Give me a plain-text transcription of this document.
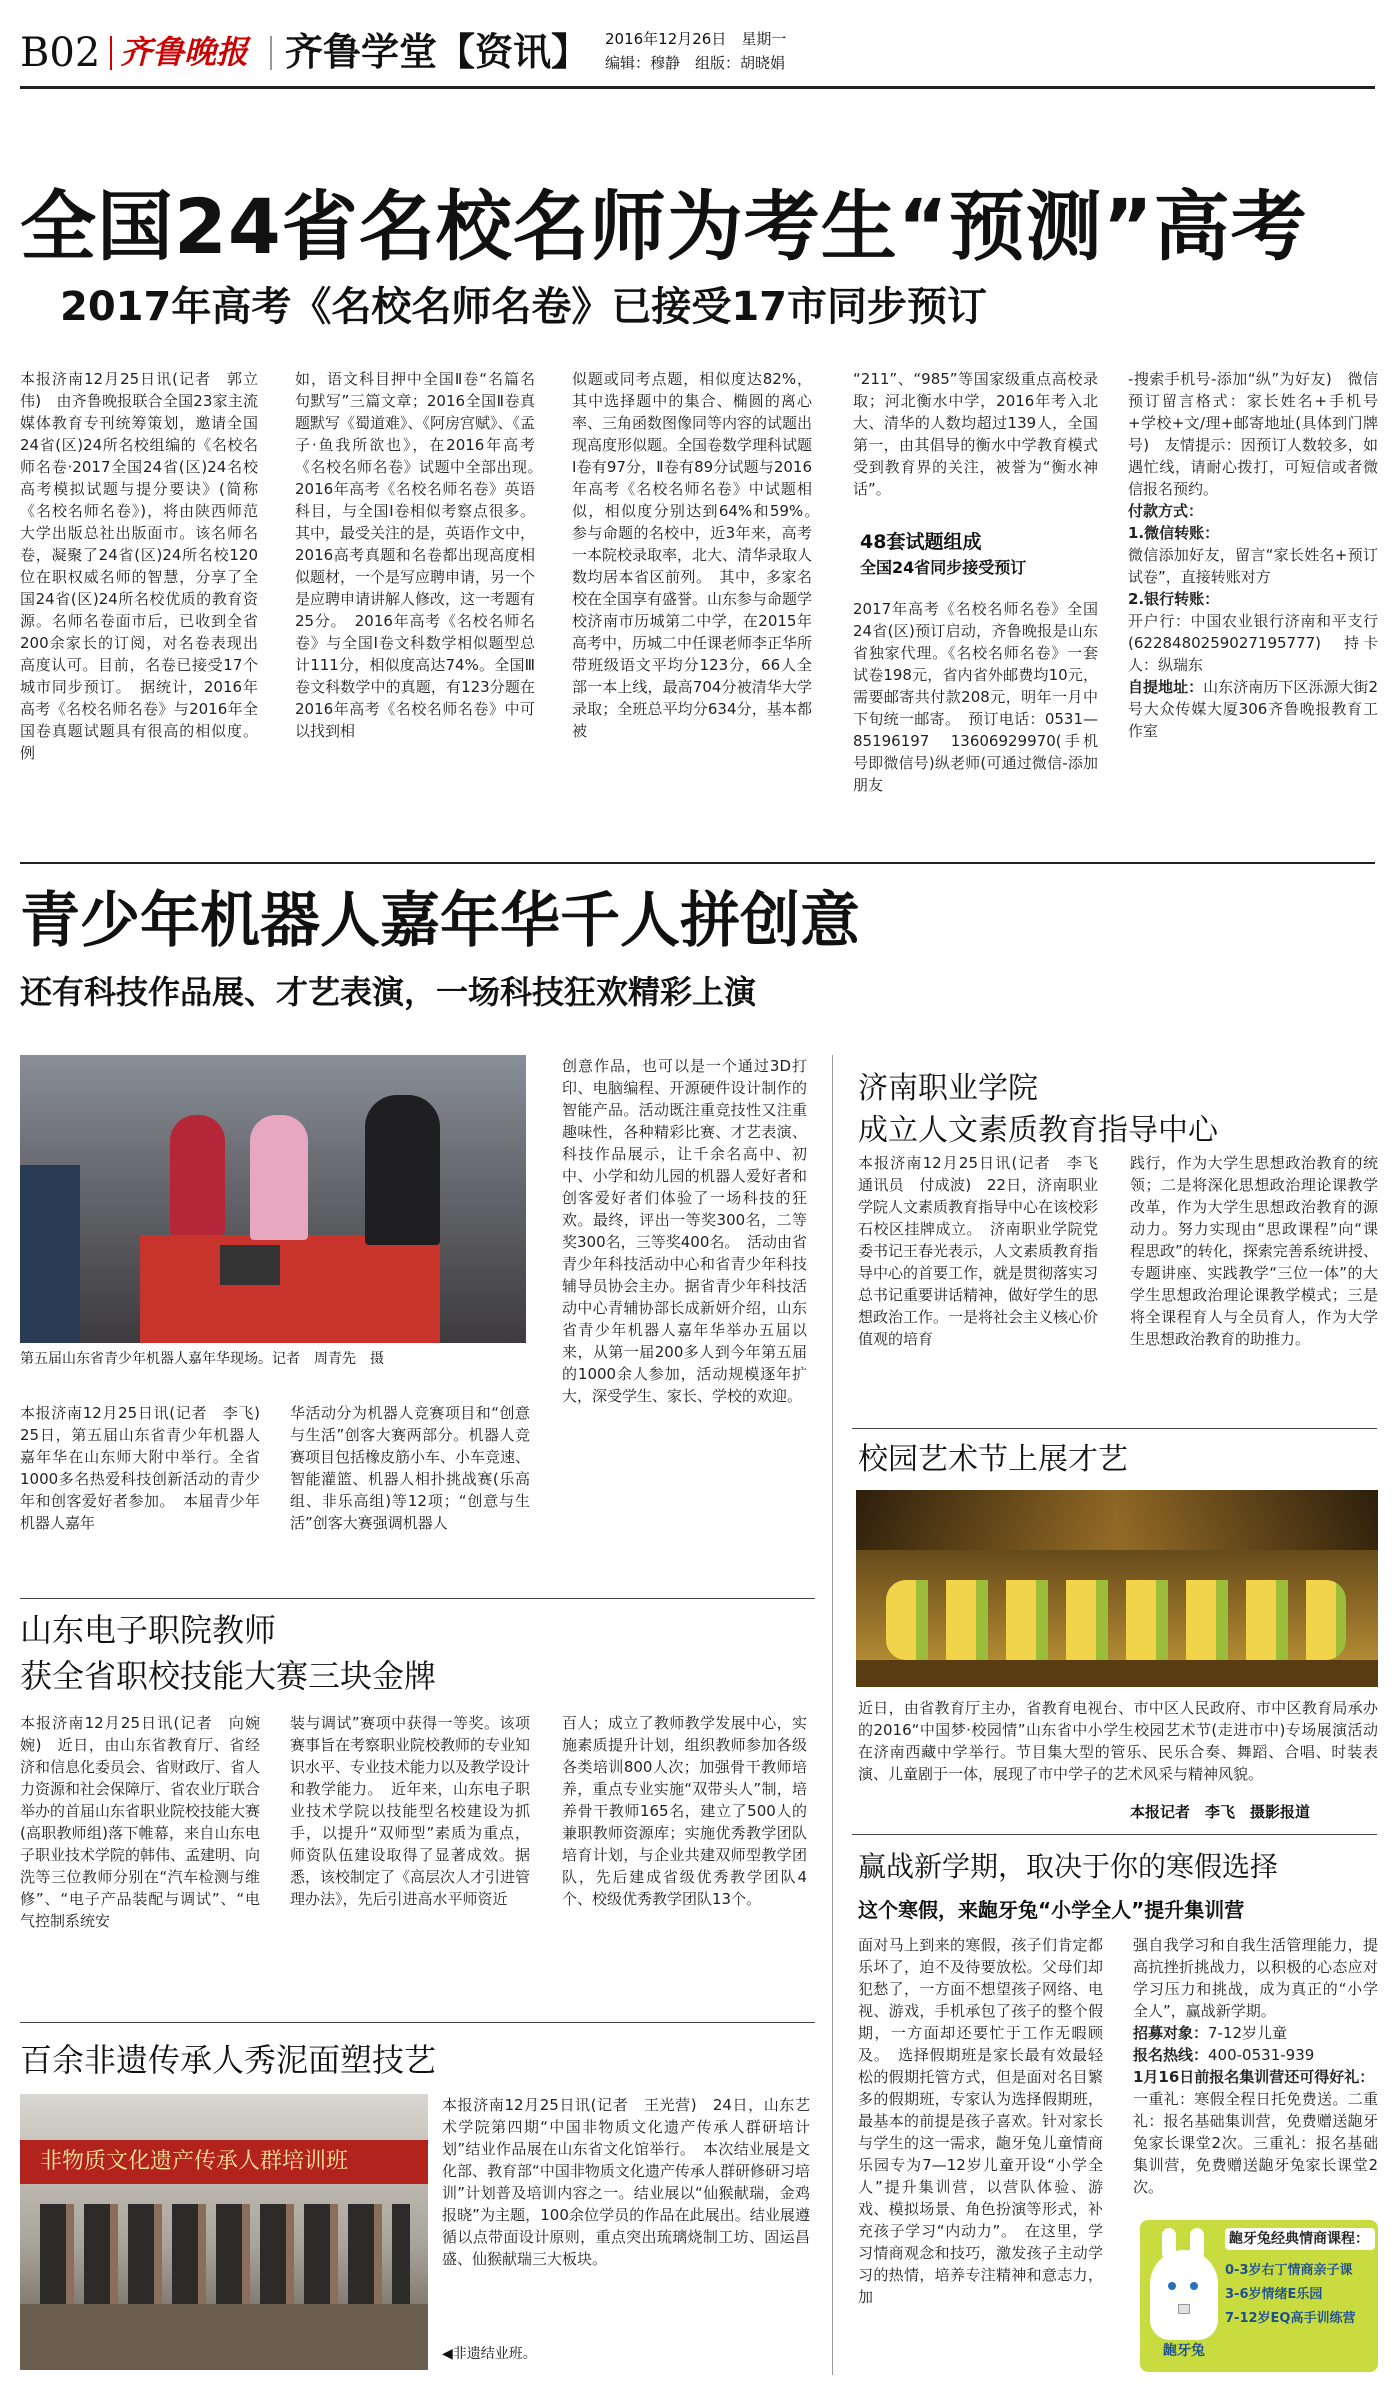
B02 齐鲁晚报 齐鲁学堂【资讯】 2016年12月26日　星期一
编辑：穆静　组版：胡晓娟
全国24省名校名师为考生“预测”高考
2017年高考《名校名师名卷》已接受17市同步预订
本报济南12月25日讯(记者　郭立伟)　由齐鲁晚报联合全国23家主流媒体教育专刊统筹策划，邀请全国24省(区)24所名校组编的《名校名师名卷·2017全国24省(区)24名校高考模拟试题与提分要诀》(简称《名校名师名卷》)，将由陕西师范大学出版总社出版面市。该名师名卷，凝聚了24省(区)24所名校120位在职权威名师的智慧，分享了全国24省(区)24所名校优质的教育资源。名师名卷面市后，已收到全省200余家长的订阅，对名卷表现出高度认可。目前，名卷已接受17个城市同步预订。　据统计，2016年高考《名校名师名卷》与2016年全国卷真题试题具有很高的相似度。例
如，语文科目押中全国Ⅱ卷“名篇名句默写”三篇文章；2016全国Ⅱ卷真题默写《蜀道难》、《阿房宫赋》、《孟子·鱼我所欲也》，在2016年高考《名校名师名卷》试题中全部出现。　2016年高考《名校名师名卷》英语科目，与全国Ⅰ卷相似考察点很多。其中，最受关注的是，英语作文中，2016高考真题和名卷都出现高度相似题材，一个是写应聘申请，另一个是应聘申请讲解人修改，这一考题有25分。　2016年高考《名校名师名卷》与全国Ⅰ卷文科数学相似题型总计111分，相似度高达74%。全国Ⅲ卷文科数学中的真题，有123分题在2016年高考《名校名师名卷》中可以找到相
似题或同考点题，相似度达82%，其中选择题中的集合、椭圆的离心率、三角函数图像同等内容的试题出现高度形似题。全国卷数学理科试题Ⅰ卷有97分，Ⅱ卷有89分试题与2016年高考《名校名师名卷》中试题相似，相似度分别达到64%和59%。　参与命题的名校中，近3年来，高考一本院校录取率，北大、清华录取人数均居本省区前列。　其中，多家名校在全国享有盛誉。山东参与命题学校济南市历城第二中学，在2015年高考中，历城二中任课老师李正华所带班级语文平均分123分，66人全部一本上线，最高704分被清华大学录取；全班总平均分634分，基本都被
“211”、“985”等国家级重点高校录取；河北衡水中学，2016年考入北大、清华的人数均超过139人，全国第一，由其倡导的衡水中学教育模式受到教育界的关注，被誉为“衡水神话”。
48套试题组成
全国24省同步接受预订
2017年高考《名校名师名卷》全国24省(区)预订启动，齐鲁晚报是山东省独家代理。《名校名师名卷》一套试卷198元，省内省外邮费均10元，需要邮寄共付款208元，明年一月中下旬统一邮寄。　预订电话：0531—85196197　13606929970(手机号即微信号)纵老师(可通过微信-添加朋友
-搜索手机号-添加“纵”为好友)　微信预订留言格式：家长姓名+手机号+学校+文/理+邮寄地址(具体到门牌号)　友情提示：因预订人数较多，如遇忙线，请耐心拨打，可短信或者微信报名预约。
付款方式：
1.微信转账：
微信添加好友，留言“家长姓名+预订试卷”，直接转账对方
2.银行转账：
开户行：中国农业银行济南和平支行(6228480259027195777)　持卡人：纵瑞东
自提地址：山东济南历下区泺源大街2号大众传媒大厦306齐鲁晚报教育工作室
青少年机器人嘉年华千人拼创意
还有科技作品展、才艺表演，一场科技狂欢精彩上演
第五届山东省青少年机器人嘉年华现场。记者　周青先　摄
本报济南12月25日讯(记者　李飞)　25日，第五届山东省青少年机器人嘉年华在山东师大附中举行。全省1000多名热爱科技创新活动的青少年和创客爱好者参加。　本届青少年机器人嘉年
华活动分为机器人竞赛项目和“创意与生活”创客大赛两部分。机器人竞赛项目包括橡皮筋小车、小车竞速、智能灌篮、机器人相扑挑战赛(乐高组、非乐高组)等12项；“创意与生活”创客大赛强调机器人
创意作品，也可以是一个通过3D打印、电脑编程、开源硬件设计制作的智能产品。活动既注重竞技性又注重趣味性，各种精彩比赛、才艺表演、科技作品展示，让千余名高中、初中、小学和幼儿园的机器人爱好者和创客爱好者们体验了一场科技的狂欢。最终，评出一等奖300名，二等奖300名，三等奖400名。　活动由省青少年科技活动中心和省青少年科技辅导员协会主办。据省青少年科技活动中心青辅协部长成新妍介绍，山东省青少年机器人嘉年华举办五届以来，从第一届200多人到今年第五届的1000余人参加，活动规模逐年扩大，深受学生、家长、学校的欢迎。
济南职业学院
成立人文素质教育指导中心
本报济南12月25日讯(记者　李飞　通讯员　付成波)　22日，济南职业学院人文素质教育指导中心在该校彩石校区挂牌成立。　济南职业学院党委书记王春光表示，人文素质教育指导中心的首要工作，就是贯彻落实习总书记重要讲话精神，做好学生的思想政治工作。一是将社会主义核心价值观的培育
践行，作为大学生思想政治教育的统领；二是将深化思想政治理论课教学改革，作为大学生思想政治教育的源动力。努力实现由“思政课程”向“课程思政”的转化，探索完善系统讲授、专题讲座、实践教学“三位一体”的大学生思想政治理论课教学模式；三是将全课程育人与全员育人，作为大学生思想政治教育的助推力。
校园艺术节上展才艺
近日，由省教育厅主办，省教育电视台、市中区人民政府、市中区教育局承办的2016“中国梦·校园情”山东省中小学生校园艺术节(走进市中)专场展演活动在济南西藏中学举行。节目集大型的管乐、民乐合奏、舞蹈、合唱、时装表演、儿童剧于一体，展现了市中学子的艺术风采与精神风貌。
本报记者　李飞　摄影报道
山东电子职院教师
获全省职校技能大赛三块金牌
本报济南12月25日讯(记者　向婉婉)　近日，由山东省教育厅、省经济和信息化委员会、省财政厅、省人力资源和社会保障厅、省农业厅联合举办的首届山东省职业院校技能大赛(高职教师组)落下帷幕，来自山东电子职业技术学院的韩伟、孟建明、向洗等三位教师分别在“汽车检测与维修”、“电子产品装配与调试”、“电气控制系统安
装与调试”赛项中获得一等奖。该项赛事旨在考察职业院校教师的专业知识水平、专业技术能力以及教学设计和教学能力。　近年来，山东电子职业技术学院以技能型名校建设为抓手，以提升“双师型”素质为重点，师资队伍建设取得了显著成效。据悉，该校制定了《高层次人才引进管理办法》，先后引进高水平师资近
百人；成立了教师教学发展中心，实施素质提升计划，组织教师参加各级各类培训800人次；加强骨干教师培养，重点专业实施“双带头人”制，培养骨干教师165名，建立了500人的兼职教师资源库；实施优秀教学团队培育计划，与企业共建双师型教学团队，先后建成省级优秀教学团队4个、校级优秀教学团队13个。
百余非遗传承人秀泥面塑技艺
非物质文化遗产传承人群培训班
本报济南12月25日讯(记者　王光营)　24日，山东艺术学院第四期“中国非物质文化遗产传承人群研培计划”结业作品展在山东省文化馆举行。　本次结业展是文化部、教育部“中国非物质文化遗产传承人群研修研习培训”计划普及培训内容之一。结业展以“仙猴献瑞，金鸡报晓”为主题，100余位学员的作品在此展出。结业展遵循以点带面设计原则，重点突出琉璃烧制工坊、固运昌盛、仙猴献瑞三大板块。
◀非遗结业班。
赢战新学期，取决于你的寒假选择
这个寒假，来龅牙兔“小学全人”提升集训营
面对马上到来的寒假，孩子们肯定都乐坏了，迫不及待要放松。父母们却犯愁了，一方面不想望孩子网络、电视、游戏，手机承包了孩子的整个假期，一方面却还要忙于工作无暇顾及。　选择假期班是家长最有效最轻松的假期托管方式，但是面对名目繁多的假期班，专家认为选择假期班，最基本的前提是孩子喜欢。针对家长与学生的这一需求，龅牙兔儿童情商乐园专为7—12岁儿童开设“小学全人”提升集训营，以营队体验、游戏、模拟场景、角色扮演等形式，补充孩子学习“内动力”。　在这里，学习情商观念和技巧，激发孩子主动学习的热情，培养专注精神和意志力，加
强自我学习和自我生活管理能力，提高抗挫折挑战力，以积极的心态应对学习压力和挑战，成为真正的“小学全人”，赢战新学期。
招募对象：7-12岁儿童
报名热线：400-0531-939
1月16日前报名集训营还可得好礼：
一重礼：寒假全程日托免费送。二重礼：报名基础集训营，免费赠送龅牙兔家长课堂2次。三重礼：报名基础集训营，免费赠送龅牙兔家长课堂2次。
龅牙兔经典情商课程：
龅牙兔
0-3岁右丁情商亲子课
3-6岁情绪E乐园
7-12岁EQ高手训练营
